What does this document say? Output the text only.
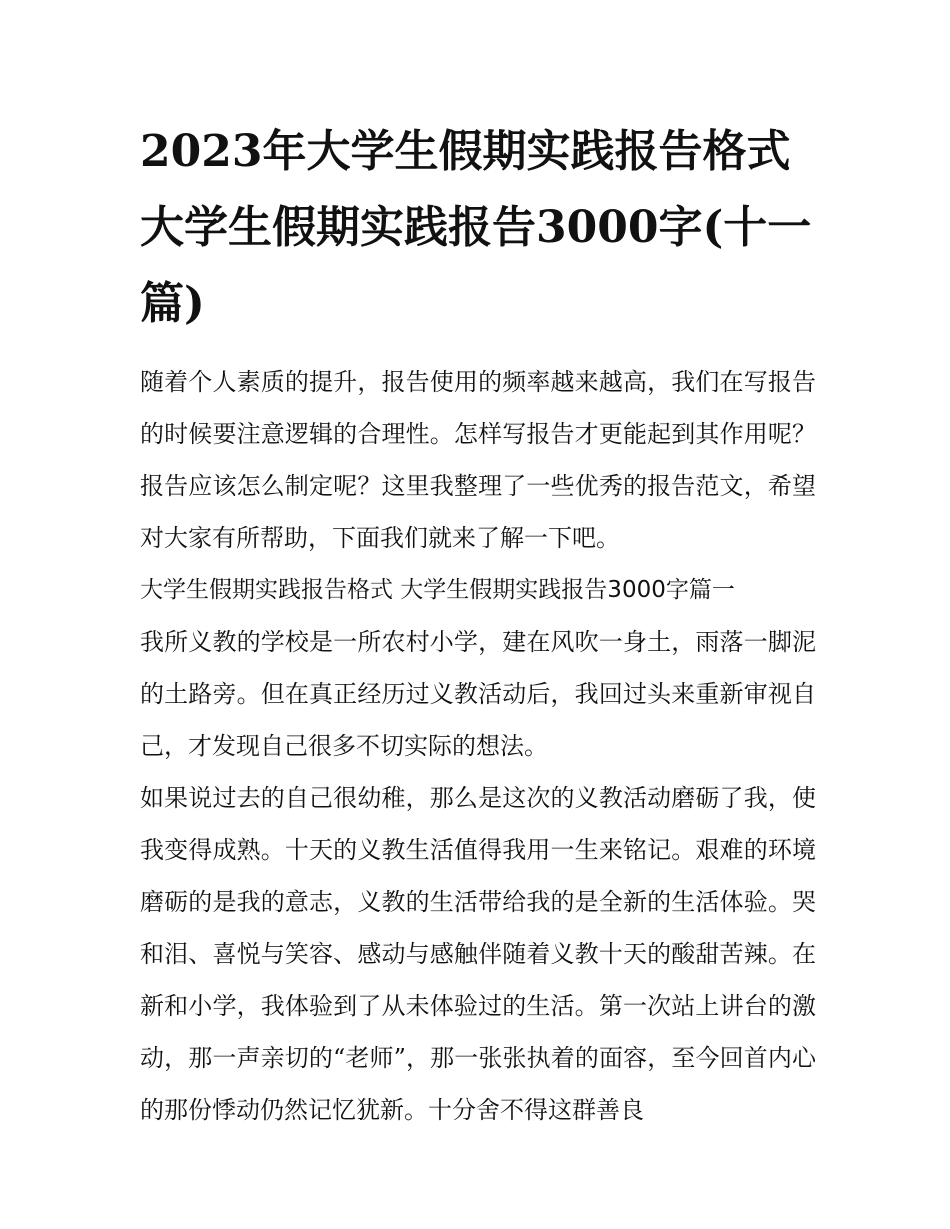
2023年大学生假期实践报告格式 大学生假期实践报告3000字(十一篇)

随着个人素质的提升，报告使用的频率越来越高，我们在写报告的时候要注意逻辑的合理性。怎样写报告才更能起到其作用呢？报告应该怎么制定呢？这里我整理了一些优秀的报告范文，希望对大家有所帮助，下面我们就来了解一下吧。

大学生假期实践报告格式 大学生假期实践报告3000字篇一

我所义教的学校是一所农村小学，建在风吹一身土，雨落一脚泥的土路旁。但在真正经历过义教活动后，我回过头来重新审视自己，才发现自己很多不切实际的想法。

如果说过去的自己很幼稚，那么是这次的义教活动磨砺了我，使我变得成熟。十天的义教生活值得我用一生来铭记。艰难的环境磨砺的是我的意志，义教的生活带给我的是全新的生活体验。哭和泪、喜悦与笑容、感动与感触伴随着义教十天的酸甜苦辣。在新和小学，我体验到了从未体验过的生活。第一次站上讲台的激动，那一声亲切的“老师”，那一张张执着的面容，至今回首内心的那份悸动仍然记忆犹新。十分舍不得这群善良
